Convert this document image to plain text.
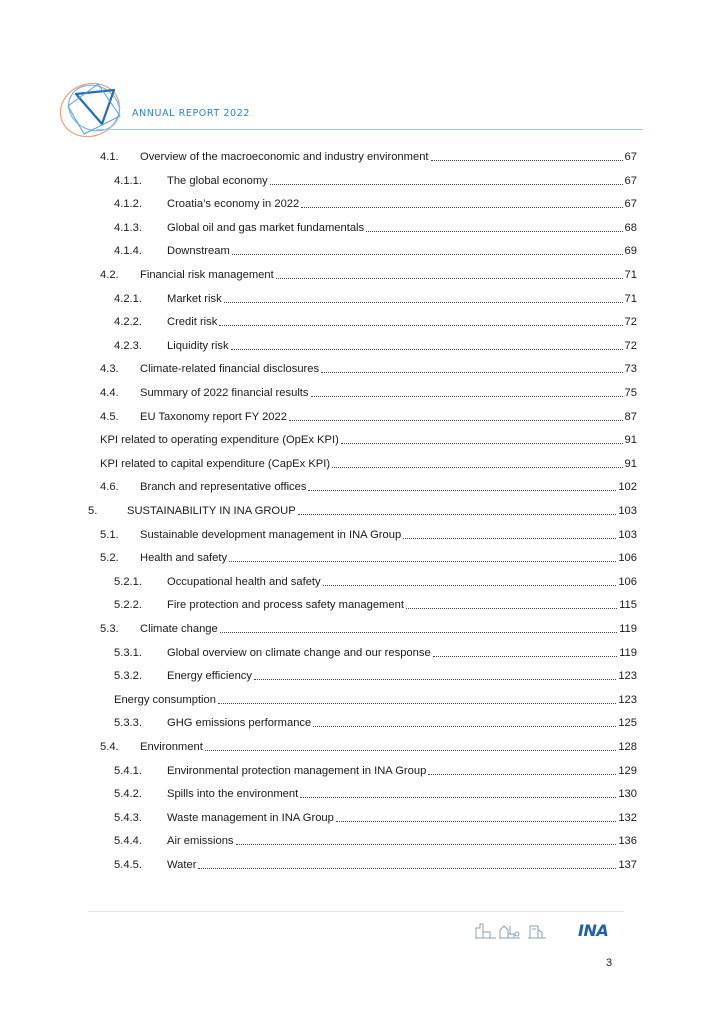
ANNUAL REPORT 2022
4.1.	Overview of the macroeconomic and industry environment	67
4.1.1.	The global economy	67
4.1.2.	Croatia’s economy in 2022	67
4.1.3.	Global oil and gas market fundamentals	68
4.1.4.	Downstream	69
4.2.	Financial risk management	71
4.2.1.	Market risk	71
4.2.2.	Credit risk	72
4.2.3.	Liquidity risk	72
4.3.	Climate-related financial disclosures	73
4.4.	Summary of 2022 financial results	75
4.5.	EU Taxonomy report FY 2022	87
KPI related to operating expenditure (OpEx KPI)	91
KPI related to capital expenditure (CapEx KPI)	91
4.6.	Branch and representative offices	102
5.	SUSTAINABILITY IN INA GROUP	103
5.1.	Sustainable development management in INA Group	103
5.2.	Health and safety	106
5.2.1.	Occupational health and safety	106
5.2.2.	Fire protection and process safety management	115
5.3.	Climate change	119
5.3.1.	Global overview on climate change and our response	119
5.3.2.	Energy efficiency	123
Energy consumption	123
5.3.3.	GHG emissions performance	125
5.4.	Environment	128
5.4.1.	Environmental protection management in INA Group	129
5.4.2.	Spills into the environment	130
5.4.3.	Waste management in INA Group	132
5.4.4.	Air emissions	136
5.4.5.	Water	137
INA
3
